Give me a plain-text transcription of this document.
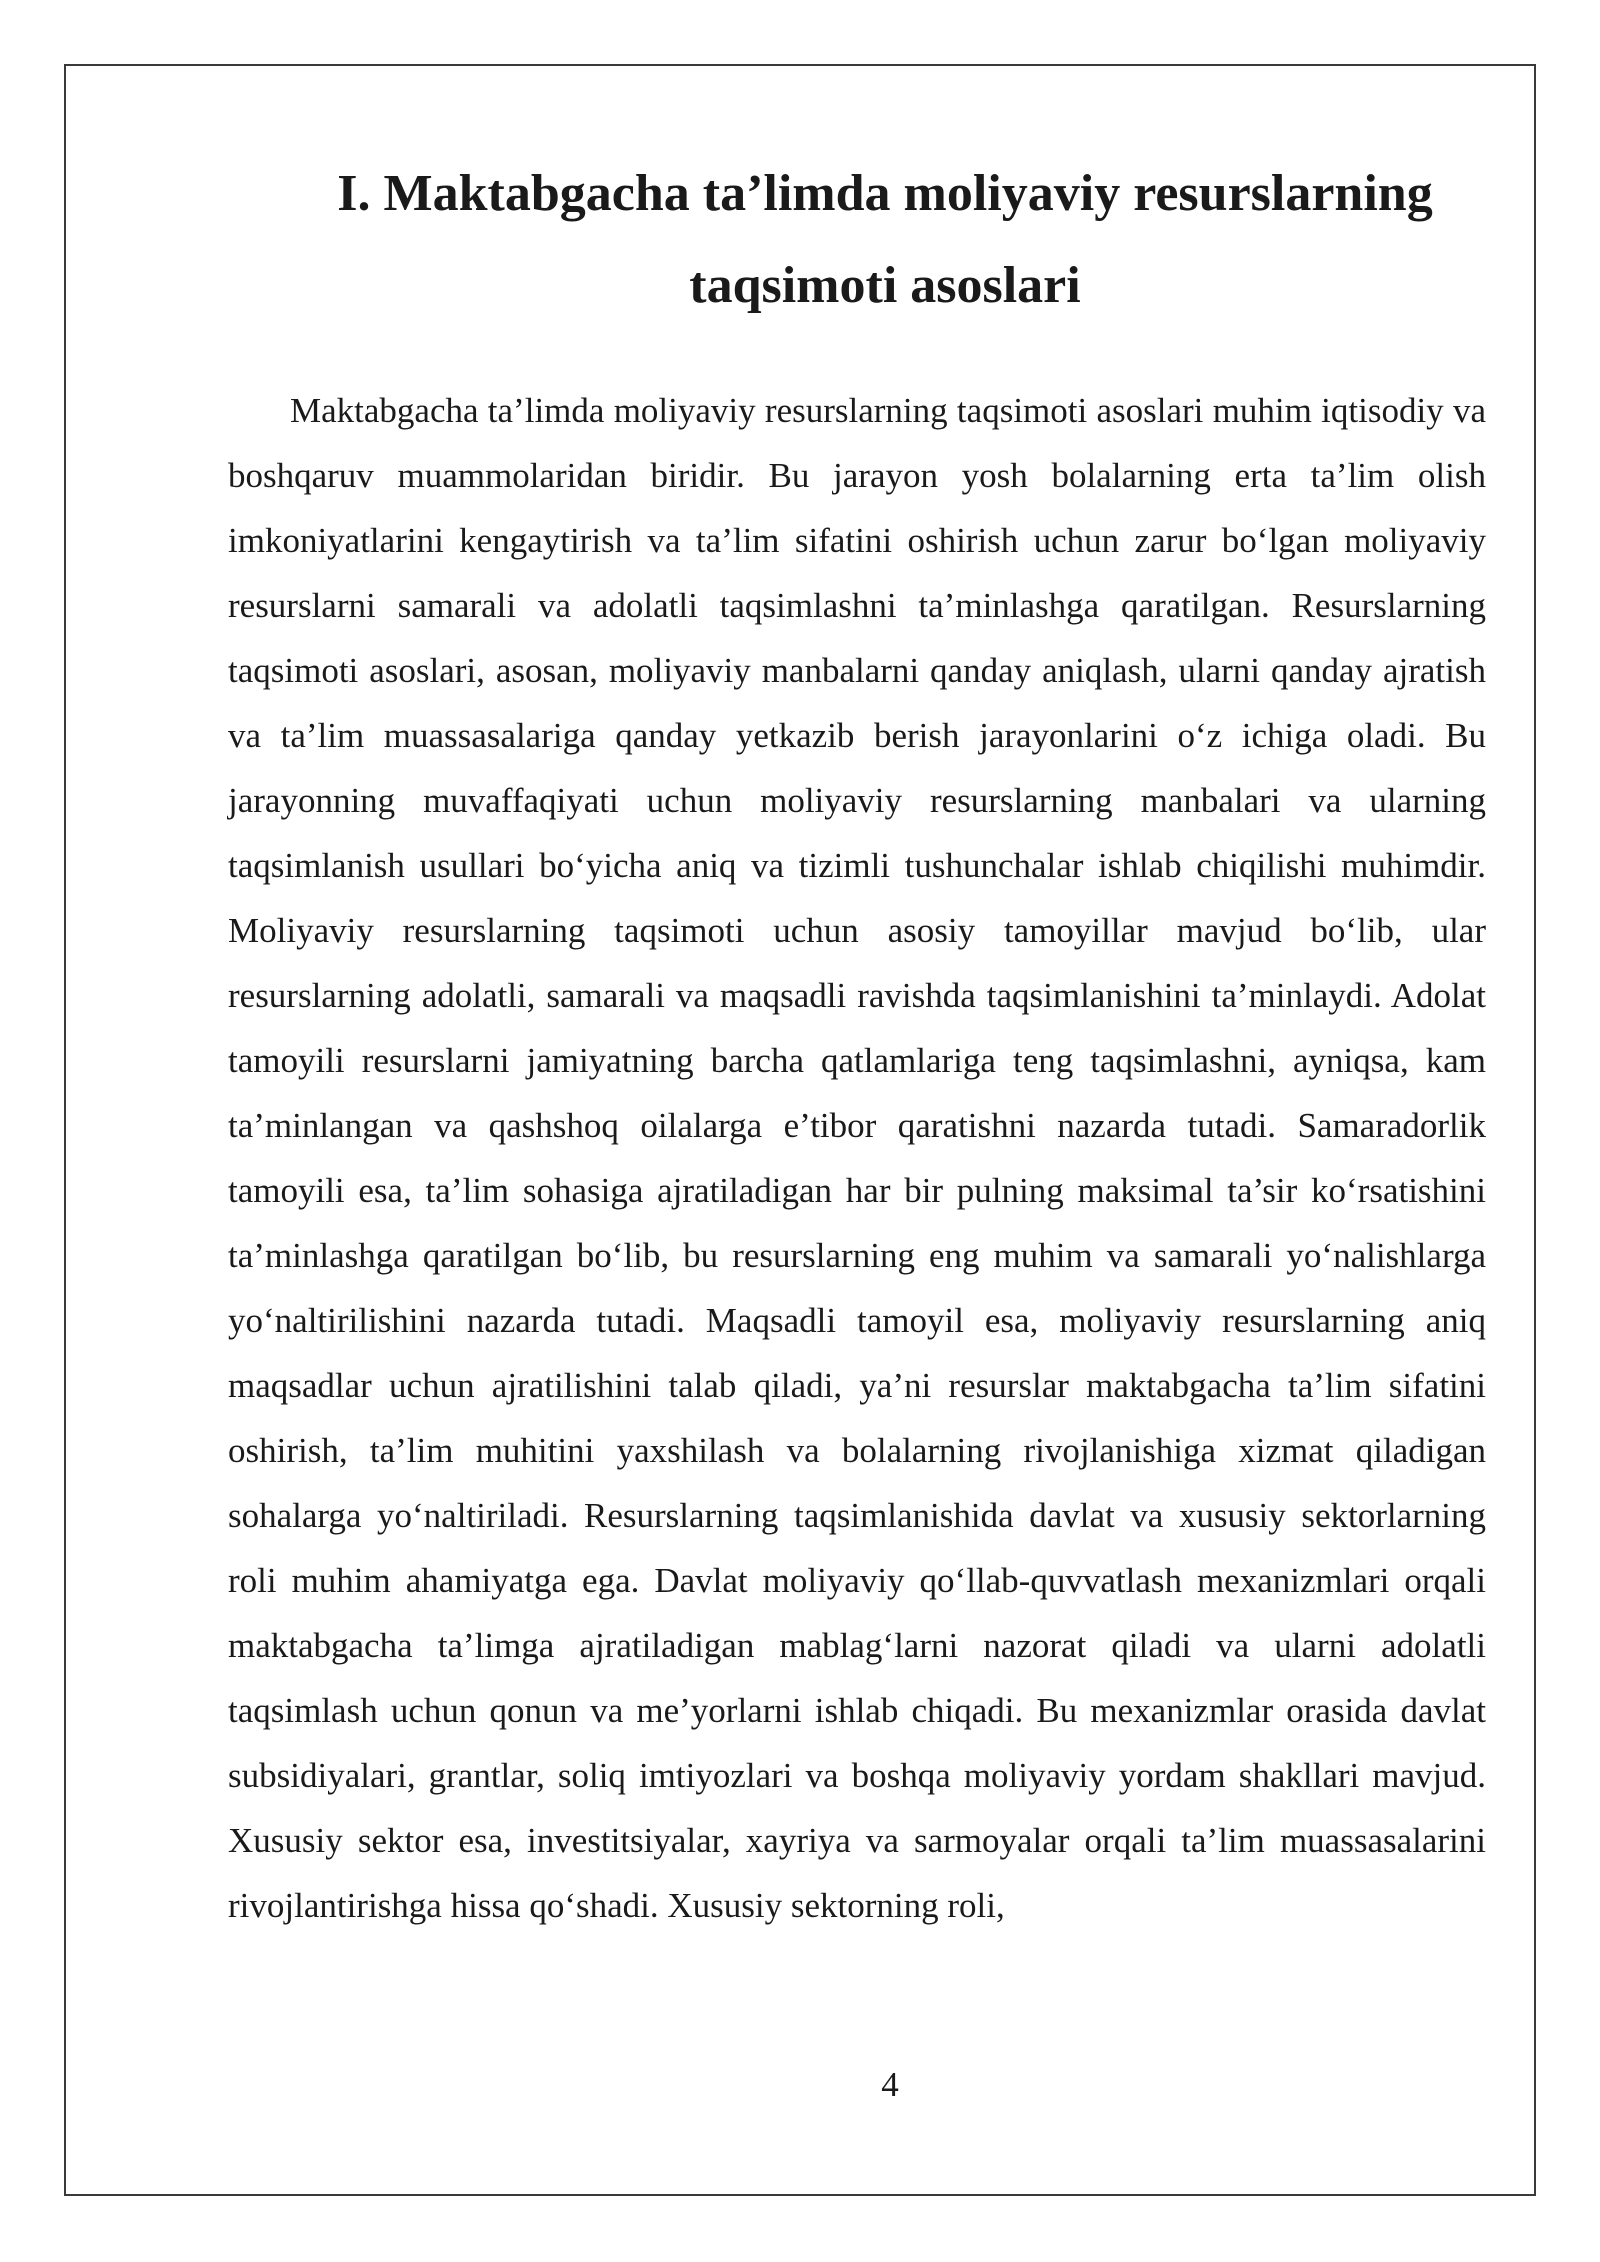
I. Maktabgacha ta’limda moliyaviy resurslarning taqsimoti asoslari

Maktabgacha ta’limda moliyaviy resurslarning taqsimoti asoslari muhim iqtisodiy va boshqaruv muammolaridan biridir. Bu jarayon yosh bolalarning erta ta’lim olish imkoniyatlarini kengaytirish va ta’lim sifatini oshirish uchun zarur bo‘lgan moliyaviy resurslarni samarali va adolatli taqsimlashni ta’minlashga qaratilgan. Resurslarning taqsimoti asoslari, asosan, moliyaviy manbalarni qanday aniqlash, ularni qanday ajratish va ta’lim muassasalariga qanday yetkazib berish jarayonlarini o‘z ichiga oladi. Bu jarayonning muvaffaqiyati uchun moliyaviy resurslarning manbalari va ularning taqsimlanish usullari bo‘yicha aniq va tizimli tushunchalar ishlab chiqilishi muhimdir. Moliyaviy resurslarning taqsimoti uchun asosiy tamoyillar mavjud bo‘lib, ular resurslarning adolatli, samarali va maqsadli ravishda taqsimlanishini ta’minlaydi. Adolat tamoyili resurslarni jamiyatning barcha qatlamlariga teng taqsimlashni, ayniqsa, kam ta’minlangan va qashshoq oilalarga e’tibor qaratishni nazarda tutadi. Samaradorlik tamoyili esa, ta’lim sohasiga ajratiladigan har bir pulning maksimal ta’sir ko‘rsatishini ta’minlashga qaratilgan bo‘lib, bu resurslarning eng muhim va samarali yo‘nalishlarga yo‘naltirilishini nazarda tutadi. Maqsadli tamoyil esa, moliyaviy resurslarning aniq maqsadlar uchun ajratilishini talab qiladi, ya’ni resurslar maktabgacha ta’lim sifatini oshirish, ta’lim muhitini yaxshilash va bolalarning rivojlanishiga xizmat qiladigan sohalarga yo‘naltiriladi. Resurslarning taqsimlanishida davlat va xususiy sektorlarning roli muhim ahamiyatga ega. Davlat moliyaviy qo‘llab-quvvatlash mexanizmlari orqali maktabgacha ta’limga ajratiladigan mablag‘larni nazorat qiladi va ularni adolatli taqsimlash uchun qonun va me’yorlarni ishlab chiqadi. Bu mexanizmlar orasida davlat subsidiyalari, grantlar, soliq imtiyozlari va boshqa moliyaviy yordam shakllari mavjud. Xususiy sektor esa, investitsiyalar, xayriya va sarmoyalar orqali ta’lim muassasalarini rivojlantirishga hissa qo‘shadi. Xususiy sektorning roli,

4
